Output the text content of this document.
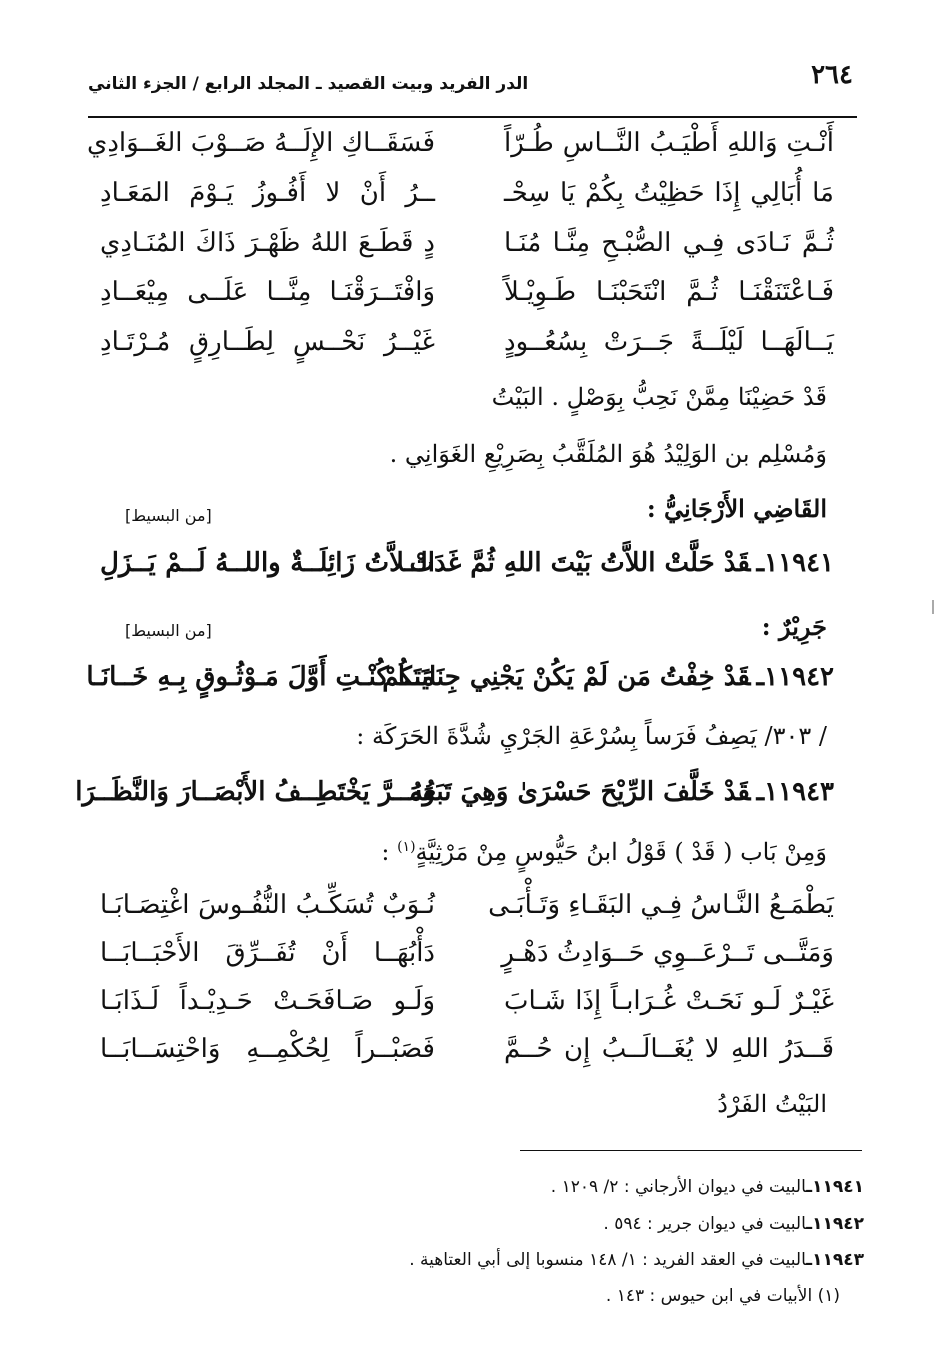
٢٦٤
الدر الفريد وبيت القصيد ـ المجلد الرابع / الجزء الثاني
أَنْـتِ وَاللهِ أَطْيَـبُ النَّــاسِ طُـرّاً
فَسَقَــاكِ الإِلَــهُ صَــوْبَ الغَــوَادِي
مَا أُبَالِي إِذَا حَظِيْتُ بِكُمْ يَا سِحْـ
ــرُ أَنْ لا أَفُـوزُ يَـوْمَ المَعَـادِ
ثُـمَّ نَـادَى فِـي الصُّبْـحِ مِنَّـا مُنَـا
دٍ قَطَـعَ اللهُ ظَهْـرَ ذَاكَ المُنَـادِي
فَـاعْتَنَقْنَـا ثُـمَّ انْتَحَبْنَـا طَـوِيْـلاً
وَافْتَــرَقْنَـا مِنَّــا عَلَــى مِيْعَــادِ
يَــالَهَــا لَيْلَــةً جَــرَتْ بِسُعُــودٍ
غَيْــرُ نَحْــسٍ لِطَــارِقٍ مُـرْتَـادِ
قَدْ حَضِيْنَا مِمَّنْ نَحِبُّ بِوَصْلٍ . البَيْتُ
وَمُسْلِم بن الوَلِيْدُ هُوَ المُلَقَّبُ بِصَرِيْعِ الغَوَانِي .
القَاضِي الأَرْجَانِيُّ :
[من البسيط]
١١٩٤١ـقَدْ حَلَّتْ اللاَّتُ بَيْتَ اللهِ ثُمَّ غَدَتْ
الــلاَّتُ زَائِلَــةٌ واللــهُ لَــمْ يَــزَلِ
جَرِيْرٌ :
[من البسيط]
١١٩٤٢ـقَدْ خِفْتُ مَن لَمْ يَكُنْ يَجْنِي جِنَايَتَكُمْ
مَــا كُنْـتِ أَوَّلَ مَـوْثُـوقٍ بِـهِ خَــانَـا
/ ٣٠٣/ يَصِفُ فَرَساً بِسُرْعَةِ الجَرْيِ شُدَّةَ الحَرَكَة :
١١٩٤٣ـقَدْ خَلَّفَ الرِّيْحَ حَسْرَىٰ وَهِيَ تَبَعُهُ
وَمَــرَّ يَخْتَطِــفُ الأَبْصَــارَ وَالنَّظَــرَا
وَمِنْ بَاب ( قَدْ ) قَوْلُ ابنُ حَيُّوسٍ مِنْ مَرْثِيَّةٍ$^{(١)}$ :
يَطْمَـعُ النَّـاسُ فِـي البَقَـاءِ وَتَـأْبَـى
نُـوَبٌ تُسَكِّـبُ النُّفُـوسَ اغْتِصَـابَـا
وَمَتَّــى تَــرْعَــوِي حَــوَادِثُ دَهْـرٍ
دَأْبُهَــا أَنْ تُفَــرِّقَ الأَحْبَــابَــا
غَيْـرٌ لَـو نَحَـتْ غُـرَابـاً إِذَا شَـابَ
وَلَـو صَـافَحَـتْ حَـدِيْـداً لَـذَابَـا
قَــدَرُ اللهِ لا يُغَــالَــبُ إِن حُــمَّ
فَصَبْــراً لِحُكْمِــهِ وَاحْتِسَــابَــا
البَيْتُ الفَرْدُ
١١٩٤١ـالبيت في ديوان الأرجاني : ٢/ ١٢٠٩ .
١١٩٤٢ـالبيت في ديوان جرير : ٥٩٤ .
١١٩٤٣ـالبيت في العقد الفريد : ١/ ١٤٨ منسوبا إلى أبي العتاهية .
(١) الأبيات في ابن حيوس : ١٤٣ .
